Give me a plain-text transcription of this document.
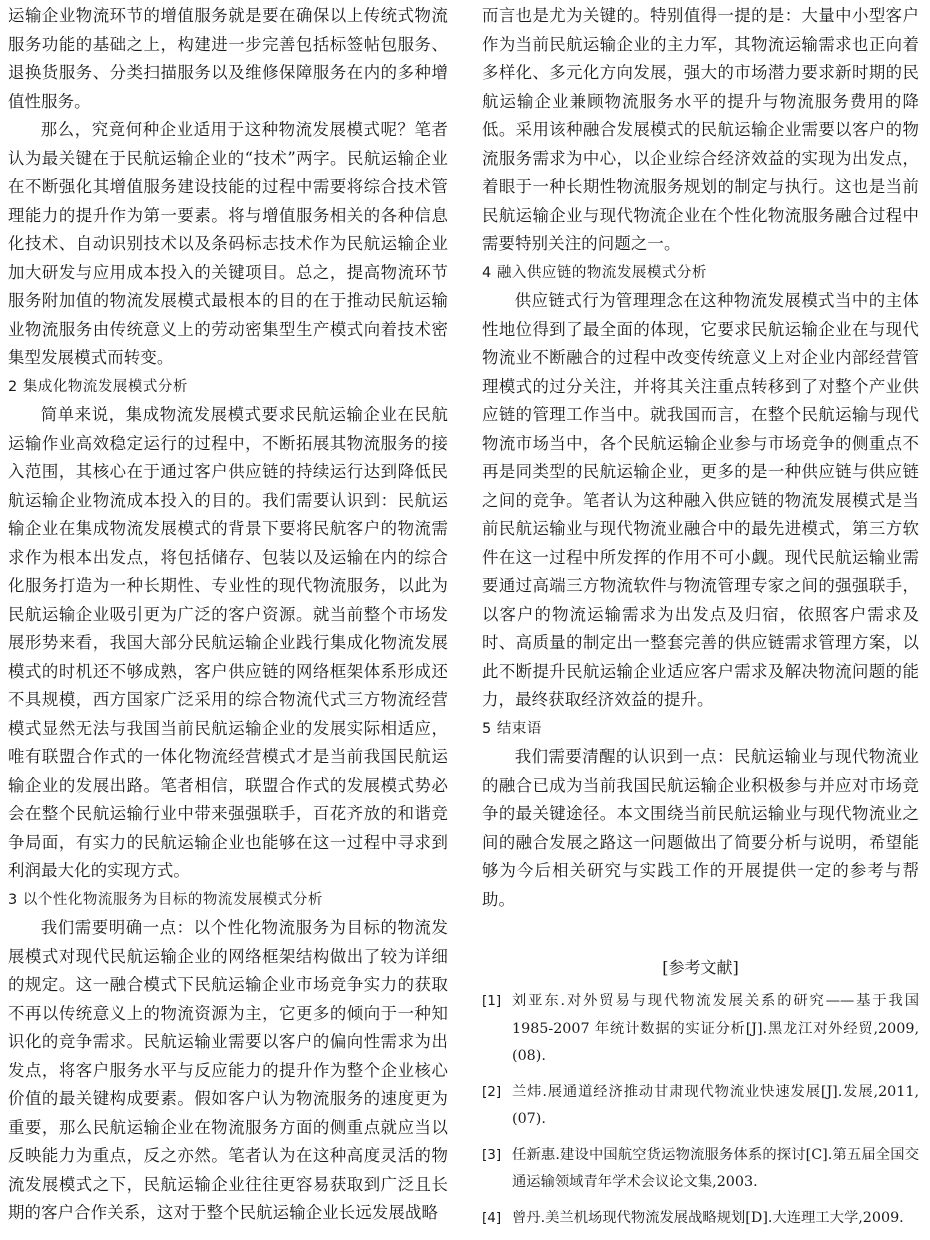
运输企业物流环节的增值服务就是要在确保以上传统式物流服务功能的基础之上，构建进一步完善包括标签帖包服务、退换货服务、分类扫描服务以及维修保障服务在内的多种增值性服务。

那么，究竟何种企业适用于这种物流发展模式呢？笔者认为最关键在于民航运输企业的“技术”两字。民航运输企业在不断强化其增值服务建设技能的过程中需要将综合技术管理能力的提升作为第一要素。将与增值服务相关的各种信息化技术、自动识别技术以及条码标志技术作为民航运输企业加大研发与应用成本投入的关键项目。总之，提高物流环节服务附加值的物流发展模式最根本的目的在于推动民航运输业物流服务由传统意义上的劳动密集型生产模式向着技术密集型发展模式而转变。

2 集成化物流发展模式分析

简单来说，集成物流发展模式要求民航运输企业在民航运输作业高效稳定运行的过程中，不断拓展其物流服务的接入范围，其核心在于通过客户供应链的持续运行达到降低民航运输企业物流成本投入的目的。我们需要认识到：民航运输企业在集成物流发展模式的背景下要将民航客户的物流需求作为根本出发点，将包括储存、包装以及运输在内的综合化服务打造为一种长期性、专业性的现代物流服务，以此为民航运输企业吸引更为广泛的客户资源。就当前整个市场发展形势来看，我国大部分民航运输企业践行集成化物流发展模式的时机还不够成熟，客户供应链的网络框架体系形成还不具规模，西方国家广泛采用的综合物流代式三方物流经营模式显然无法与我国当前民航运输企业的发展实际相适应，唯有联盟合作式的一体化物流经营模式才是当前我国民航运输企业的发展出路。笔者相信，联盟合作式的发展模式势必会在整个民航运输行业中带来强强联手，百花齐放的和谐竞争局面，有实力的民航运输企业也能够在这一过程中寻求到利润最大化的实现方式。

3 以个性化物流服务为目标的物流发展模式分析

我们需要明确一点：以个性化物流服务为目标的物流发展模式对现代民航运输企业的网络框架结构做出了较为详细的规定。这一融合模式下民航运输企业市场竞争实力的获取不再以传统意义上的物流资源为主，它更多的倾向于一种知识化的竞争需求。民航运输业需要以客户的偏向性需求为出发点，将客户服务水平与反应能力的提升作为整个企业核心价值的最关键构成要素。假如客户认为物流服务的速度更为重要，那么民航运输企业在物流服务方面的侧重点就应当以反映能力为重点，反之亦然。笔者认为在这种高度灵活的物流发展模式之下，民航运输企业往往更容易获取到广泛且长期的客户合作关系，这对于整个民航运输企业长远发展战略

而言也是尤为关键的。特别值得一提的是：大量中小型客户作为当前民航运输企业的主力军，其物流运输需求也正向着多样化、多元化方向发展，强大的市场潜力要求新时期的民航运输企业兼顾物流服务水平的提升与物流服务费用的降低。采用该种融合发展模式的民航运输企业需要以客户的物流服务需求为中心，以企业综合经济效益的实现为出发点，着眼于一种长期性物流服务规划的制定与执行。这也是当前民航运输企业与现代物流企业在个性化物流服务融合过程中需要特别关注的问题之一。

4 融入供应链的物流发展模式分析

供应链式行为管理理念在这种物流发展模式当中的主体性地位得到了最全面的体现，它要求民航运输企业在与现代物流业不断融合的过程中改变传统意义上对企业内部经营管理模式的过分关注，并将其关注重点转移到了对整个产业供应链的管理工作当中。就我国而言，在整个民航运输与现代物流市场当中，各个民航运输企业参与市场竞争的侧重点不再是同类型的民航运输企业，更多的是一种供应链与供应链之间的竞争。笔者认为这种融入供应链的物流发展模式是当前民航运输业与现代物流业融合中的最先进模式，第三方软件在这一过程中所发挥的作用不可小觑。现代民航运输业需要通过高端三方物流软件与物流管理专家之间的强强联手，以客户的物流运输需求为出发点及归宿，依照客户需求及时、高质量的制定出一整套完善的供应链需求管理方案，以此不断提升民航运输企业适应客户需求及解决物流问题的能力，最终获取经济效益的提升。

5 结束语

我们需要清醒的认识到一点：民航运输业与现代物流业的融合已成为当前我国民航运输企业积极参与并应对市场竞争的最关键途径。本文围绕当前民航运输业与现代物流业之间的融合发展之路这一问题做出了简要分析与说明，希望能够为今后相关研究与实践工作的开展提供一定的参考与帮助。

[参考文献]
[1] 刘亚东.对外贸易与现代物流发展关系的研究——基于我国 1985-2007 年统计数据的实证分析[J].黑龙江对外经贸,2009,(08).
[2] 兰炜.展通道经济推动甘肃现代物流业快速发展[J].发展,2011,(07).
[3] 任新惠.建设中国航空货运物流服务体系的探讨[C].第五届全国交通运输领域青年学术会议论文集,2003.
[4] 曾丹.美兰机场现代物流发展战略规划[D].大连理工大学,2009.
